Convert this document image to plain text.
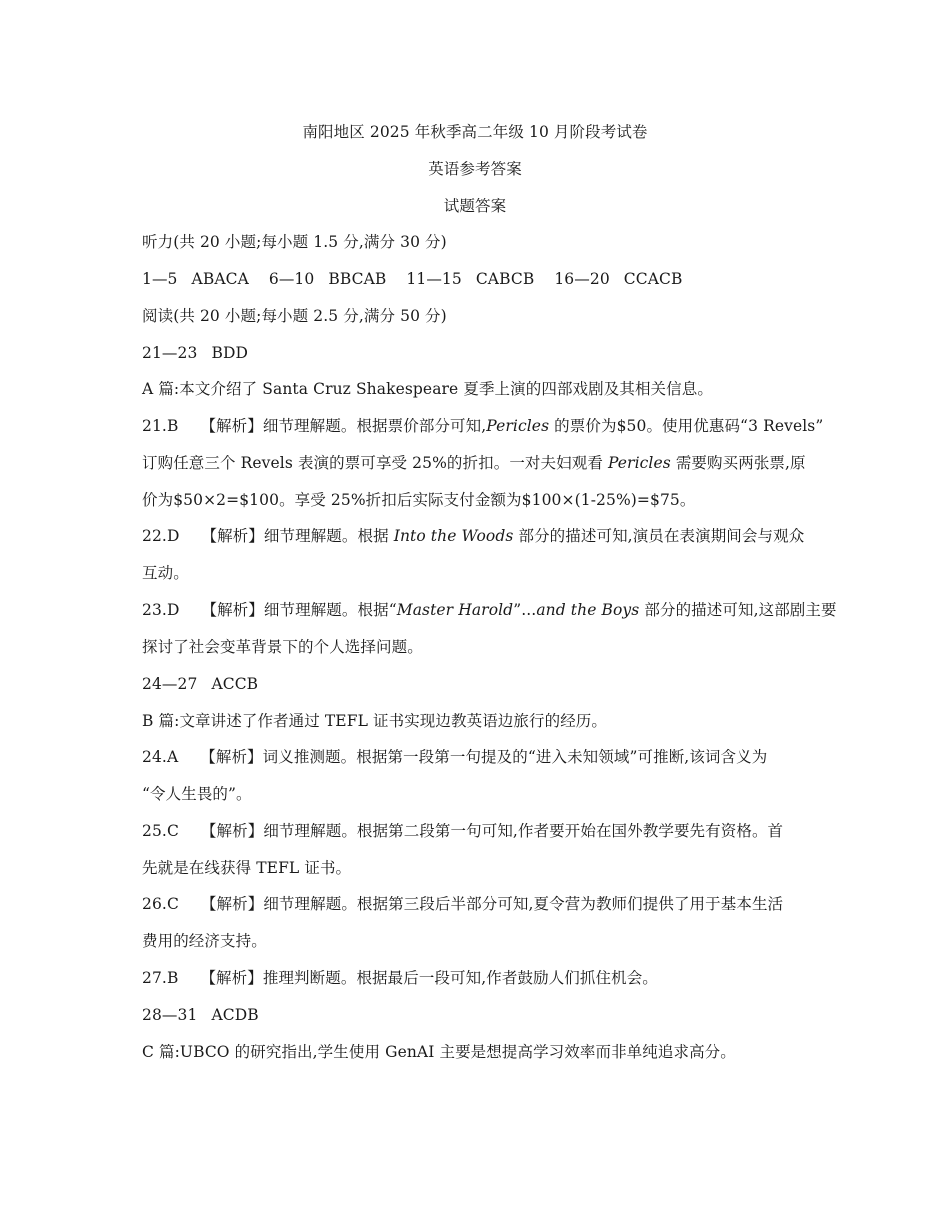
南阳地区 2025 年秋季高二年级 10 月阶段考试卷
英语参考答案
试题答案
听力(共 20 小题;每小题 1.5 分,满分 30 分)
1—5 ABACA 6—10 BBCAB 11—15 CABCB 16—20 CCACB
阅读(共 20 小题;每小题 2.5 分,满分 50 分)
21—23 BDD
A 篇:本文介绍了 Santa Cruz Shakespeare 夏季上演的四部戏剧及其相关信息。
21.B 【解析】细节理解题。根据票价部分可知,Pericles 的票价为$50。使用优惠码“3 Revels”
订购任意三个 Revels 表演的票可享受 25%的折扣。一对夫妇观看 Pericles 需要购买两张票,原
价为$50×2=$100。享受 25%折扣后实际支付金额为$100×(1-25%)=$75。
22.D 【解析】细节理解题。根据 Into the Woods 部分的描述可知,演员在表演期间会与观众
互动。
23.D 【解析】细节理解题。根据“Master Harold”...and the Boys 部分的描述可知,这部剧主要
探讨了社会变革背景下的个人选择问题。
24—27 ACCB
B 篇:文章讲述了作者通过 TEFL 证书实现边教英语边旅行的经历。
24.A 【解析】词义推测题。根据第一段第一句提及的“进入未知领域”可推断,该词含义为
“令人生畏的”。
25.C 【解析】细节理解题。根据第二段第一句可知,作者要开始在国外教学要先有资格。首
先就是在线获得 TEFL 证书。
26.C 【解析】细节理解题。根据第三段后半部分可知,夏令营为教师们提供了用于基本生活
费用的经济支持。
27.B 【解析】推理判断题。根据最后一段可知,作者鼓励人们抓住机会。
28—31 ACDB
C 篇:UBCO 的研究指出,学生使用 GenAI 主要是想提高学习效率而非单纯追求高分。
